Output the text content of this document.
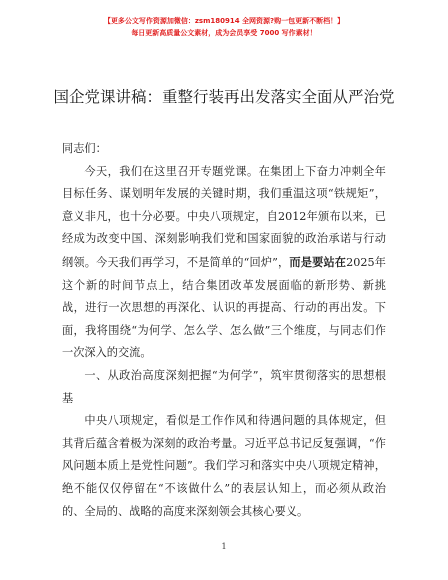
【更多公文写作资源加微信：zsm180914 全网资源?购一包更新不断档！】
每日更新高质量公文素材，成为会员享受 7000 写作素材！
国企党课讲稿：重整行装再出发落实全面从严治党

同志们：

今天，我们在这里召开专题党课。在集团上下奋力冲刺全年目标任务、谋划明年发展的关键时期，我们重温这项“铁规矩”，意义非凡，也十分必要。中央八项规定，自2012年颁布以来，已经成为改变中国、深刻影响我们党和国家面貌的政治承诺与行动纲领。今天我们再学习，不是简单的“回炉”，而是要站在2025年这个新的时间节点上，结合集团改革发展面临的新形势、新挑战，进行一次思想的再深化、认识的再提高、行动的再出发。下面，我将围绕“为何学、怎么学、怎么做”三个维度，与同志们作一次深入的交流。

一、从政治高度深刻把握“为何学”，筑牢贯彻落实的思想根基

中央八项规定，看似是工作作风和待遇问题的具体规定，但其背后蕴含着极为深刻的政治考量。习近平总书记反复强调，“作风问题本质上是党性问题”。我们学习和落实中央八项规定精神，绝不能仅仅停留在“不该做什么”的表层认知上，而必须从政治的、全局的、战略的高度来深刻领会其核心要义。

1
